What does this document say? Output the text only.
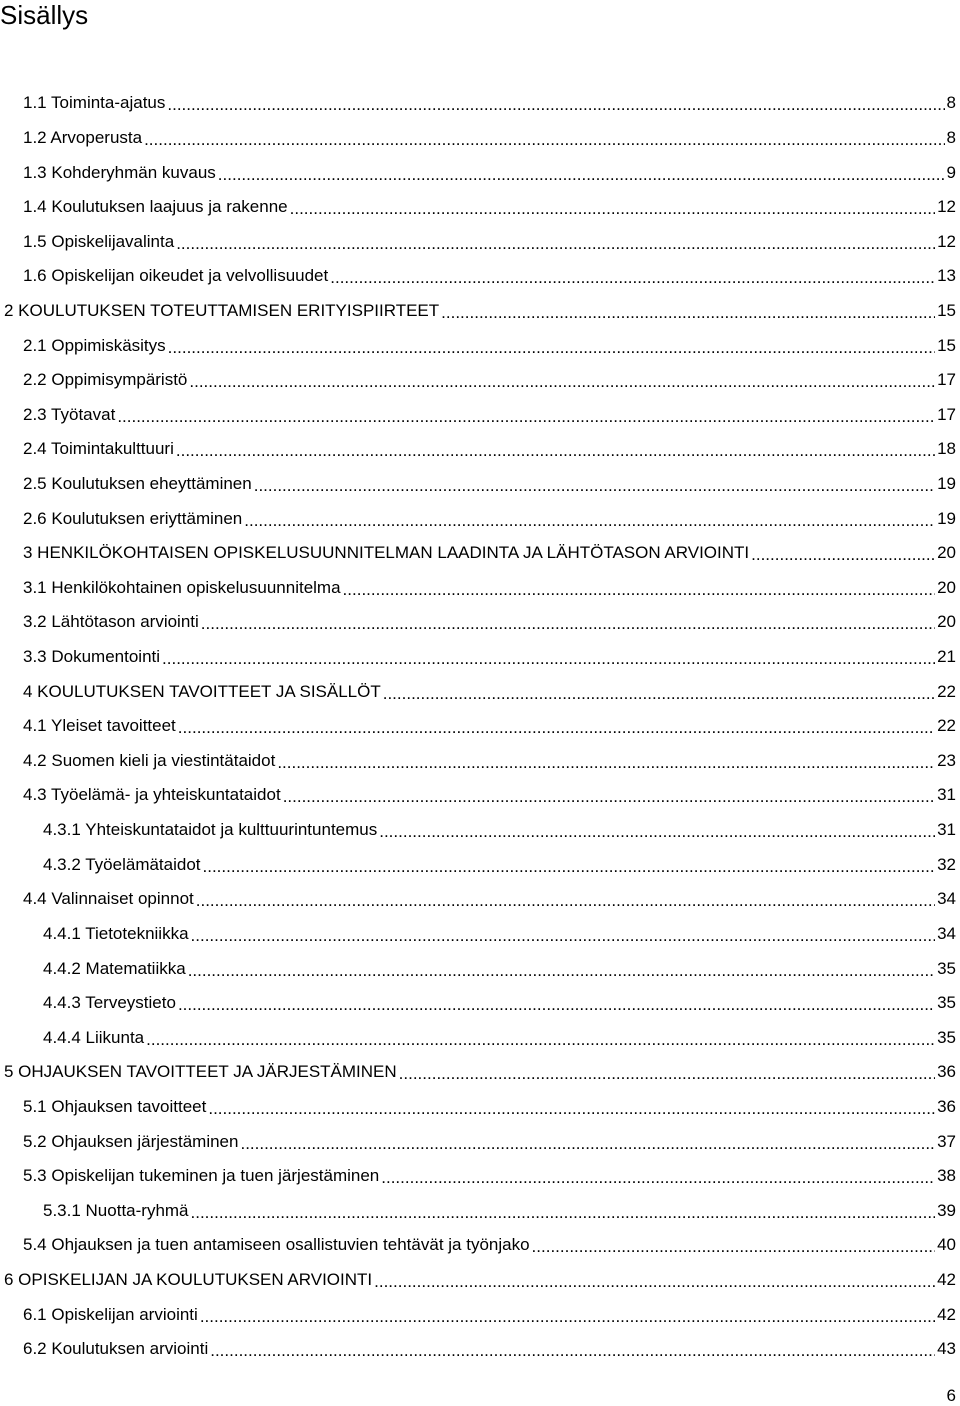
Sisällys
1.1 Toiminta-ajatus .....	8
1.2 Arvoperusta .....	8
1.3 Kohderyhmän kuvaus .....	9
1.4 Koulutuksen laajuus ja rakenne .....	12
1.5 Opiskelijavalinta .....	12
1.6 Opiskelijan oikeudet ja velvollisuudet .....	13
2 KOULUTUKSEN TOTEUTTAMISEN ERITYISPIIRTEET .....	15
2.1 Oppimiskäsitys .....	15
2.2 Oppimisympäristö .....	17
2.3 Työtavat .....	17
2.4 Toimintakulttuuri .....	18
2.5 Koulutuksen eheyttäminen .....	19
2.6 Koulutuksen eriyttäminen .....	19
3 HENKILÖKOHTAISEN OPISKELUSUUNNITELMAN LAADINTA JA LÄHTÖTASON ARVIOINTI .....	20
3.1 Henkilökohtainen opiskelusuunnitelma .....	20
3.2 Lähtötason arviointi .....	20
3.3 Dokumentointi .....	21
4 KOULUTUKSEN TAVOITTEET JA SISÄLLÖT .....	22
4.1 Yleiset tavoitteet .....	22
4.2 Suomen kieli ja viestintätaidot .....	23
4.3 Työelämä- ja yhteiskuntataidot .....	31
4.3.1 Yhteiskuntataidot ja kulttuurintuntemus .....	31
4.3.2 Työelämätaidot .....	32
4.4 Valinnaiset opinnot .....	34
4.4.1 Tietotekniikka .....	34
4.4.2 Matematiikka .....	35
4.4.3 Terveystieto .....	35
4.4.4 Liikunta .....	35
5 OHJAUKSEN TAVOITTEET JA JÄRJESTÄMINEN .....	36
5.1 Ohjauksen tavoitteet .....	36
5.2 Ohjauksen järjestäminen .....	37
5.3 Opiskelijan tukeminen ja tuen järjestäminen .....	38
5.3.1 Nuotta-ryhmä .....	39
5.4 Ohjauksen ja tuen antamiseen osallistuvien tehtävät ja työnjako .....	40
6 OPISKELIJAN JA KOULUTUKSEN ARVIOINTI .....	42
6.1 Opiskelijan arviointi .....	42
6.2 Koulutuksen arviointi .....	43
6
